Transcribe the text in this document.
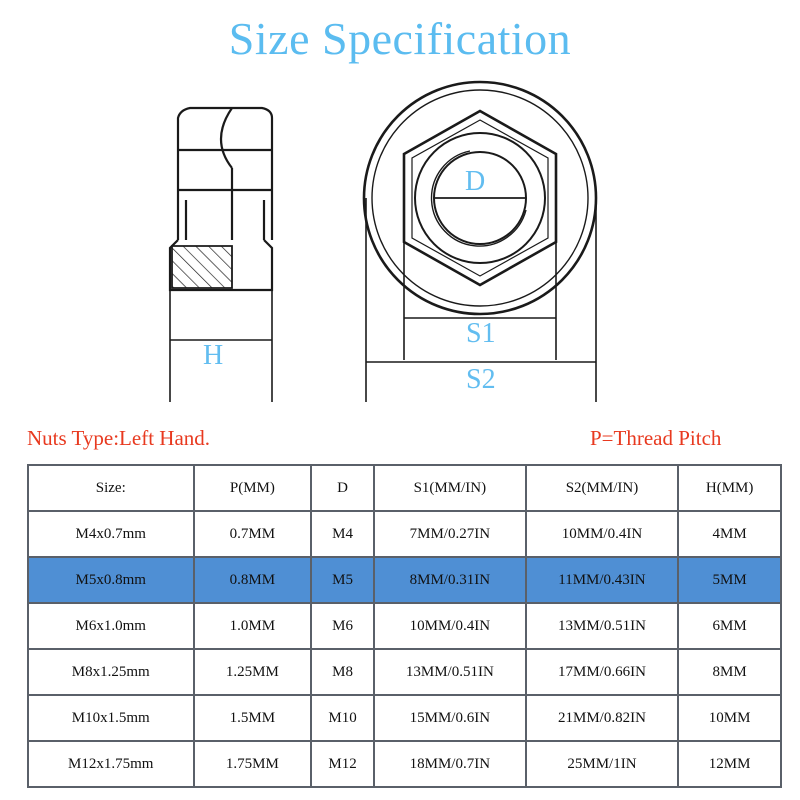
Size Specification
H
D
S1
S2
Nuts Type:Left Hand.	P=Thread Pitch
Size:	P(MM)	D	S1(MM/IN)	S2(MM/IN)	H(MM)
M4x0.7mm	0.7MM	M4	7MM/0.27IN	10MM/0.4IN	4MM
M5x0.8mm	0.8MM	M5	8MM/0.31IN	11MM/0.43IN	5MM
M6x1.0mm	1.0MM	M6	10MM/0.4IN	13MM/0.51IN	6MM
M8x1.25mm	1.25MM	M8	13MM/0.51IN	17MM/0.66IN	8MM
M10x1.5mm	1.5MM	M10	15MM/0.6IN	21MM/0.82IN	10MM
M12x1.75mm	1.75MM	M12	18MM/0.7IN	25MM/1IN	12MM
